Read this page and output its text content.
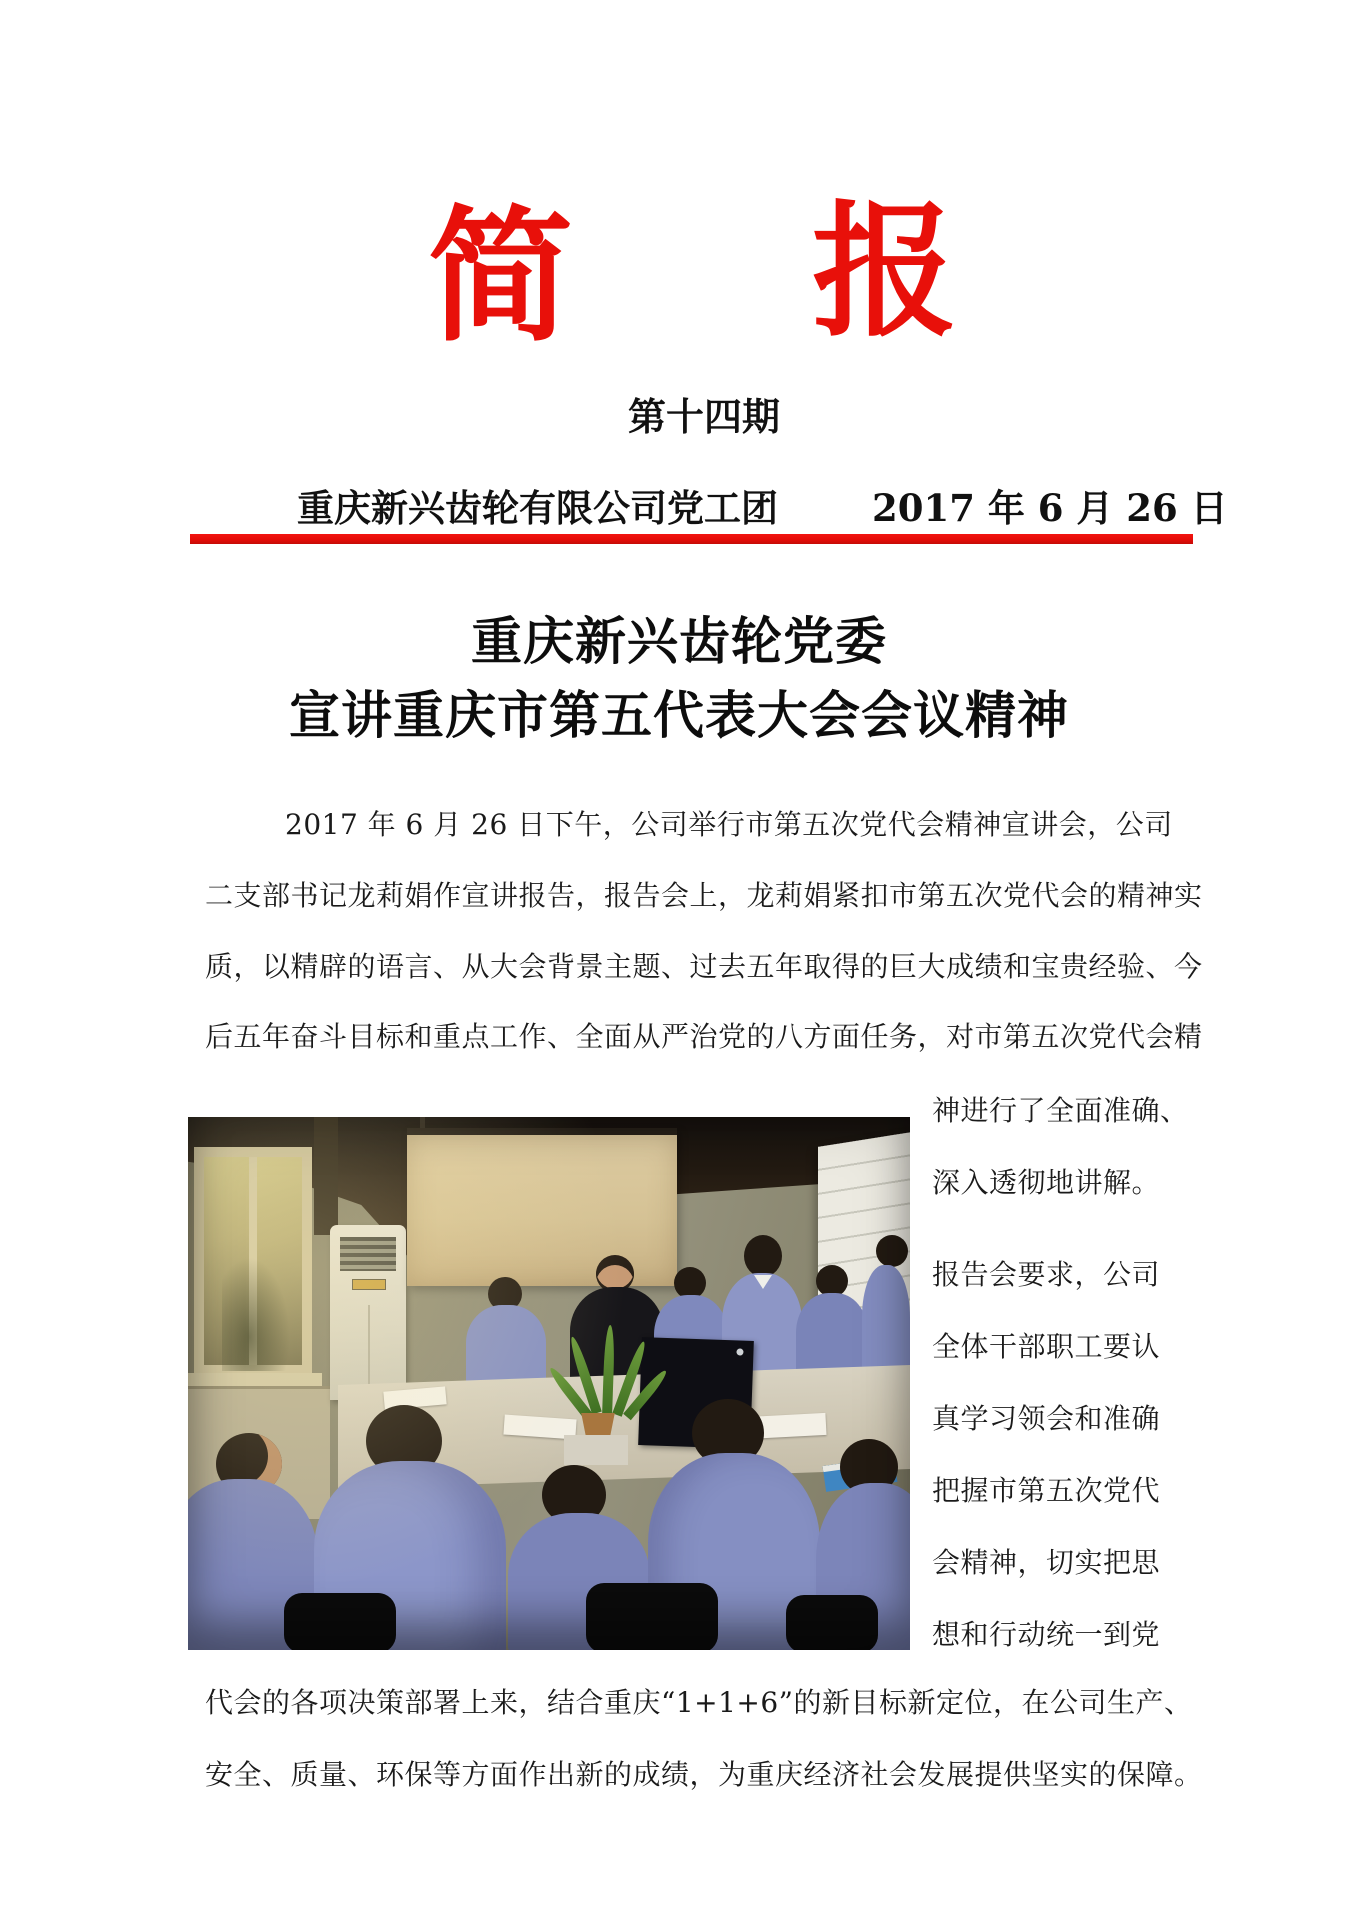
简 报
第十四期
重庆新兴齿轮有限公司党工团	2017 年 6 月 26 日
重庆新兴齿轮党委
宣讲重庆市第五代表大会会议精神
2017 年 6 月 26 日下午，公司举行市第五次党代会精神宣讲会，公司
二支部书记龙莉娟作宣讲报告，报告会上，龙莉娟紧扣市第五次党代会的精神实
质，以精辟的语言、从大会背景主题、过去五年取得的巨大成绩和宝贵经验、今
后五年奋斗目标和重点工作、全面从严治党的八方面任务，对市第五次党代会精
神进行了全面准确、
深入透彻地讲解。
报告会要求，公司
全体干部职工要认
真学习领会和准确
把握市第五次党代
会精神，切实把思
想和行动统一到党
代会的各项决策部署上来，结合重庆“1+1+6”的新目标新定位，在公司生产、
安全、质量、环保等方面作出新的成绩，为重庆经济社会发展提供坚实的保障。
